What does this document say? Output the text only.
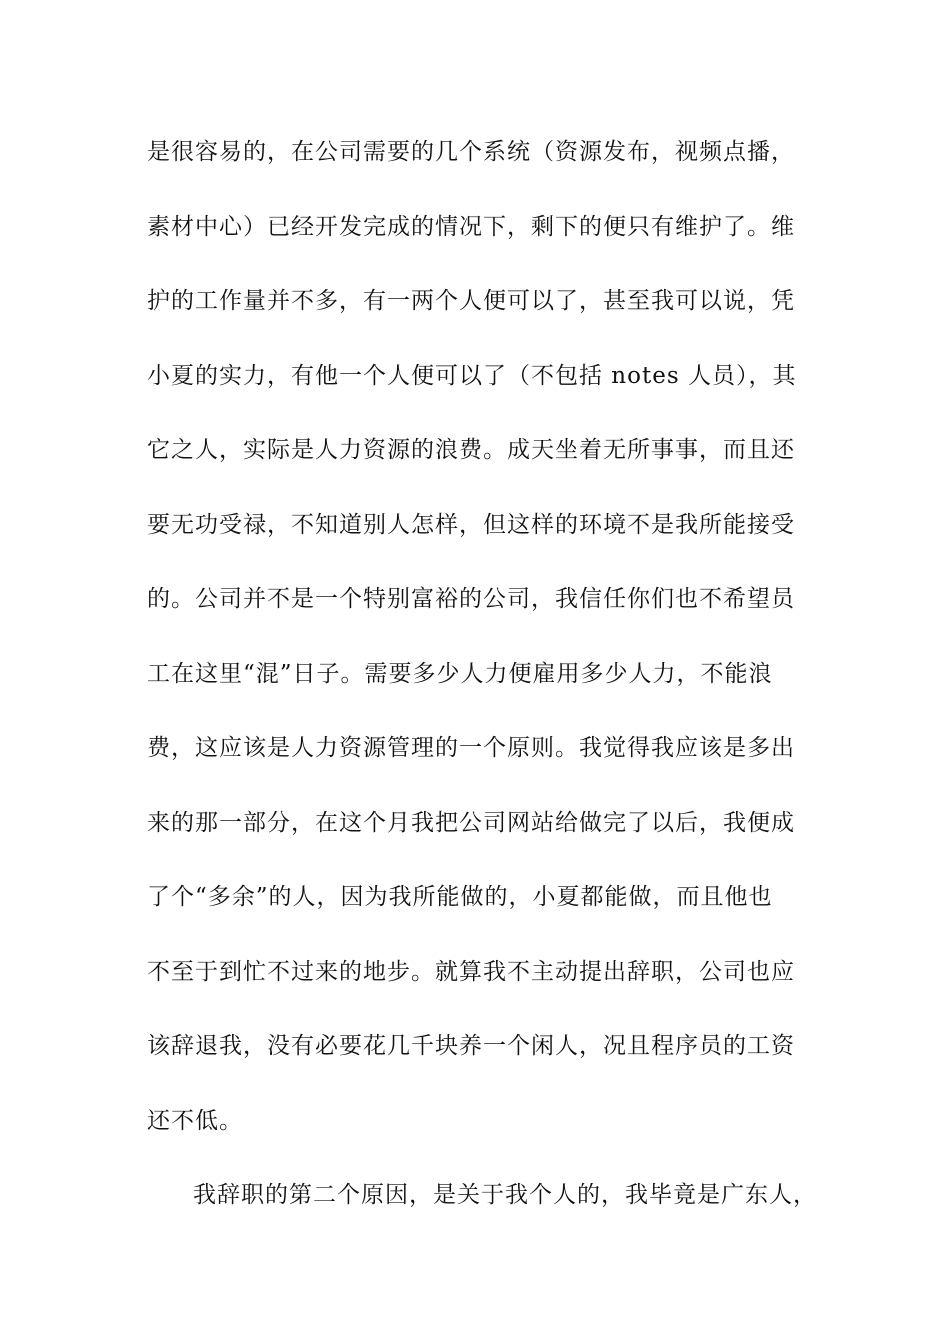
是很容易的，在公司需要的几个系统（资源发布，视频点播，
素材中心）已经开发完成的情况下，剩下的便只有维护了。维
护的工作量并不多，有一两个人便可以了，甚至我可以说，凭
小夏的实力，有他一个人便可以了（不包括 notes 人员），其
它之人，实际是人力资源的浪费。成天坐着无所事事，而且还
要无功受禄，不知道别人怎样，但这样的环境不是我所能接受
的。公司并不是一个特别富裕的公司，我信任你们也不希望员
工在这里“混”日子。需要多少人力便雇用多少人力，不能浪
费，这应该是人力资源管理的一个原则。我觉得我应该是多出
来的那一部分，在这个月我把公司网站给做完了以后，我便成
了个“多余”的人，因为我所能做的，小夏都能做，而且他也
不至于到忙不过来的地步。就算我不主动提出辞职，公司也应
该辞退我，没有必要花几千块养一个闲人，况且程序员的工资
还不低。
我辞职的第二个原因，是关于我个人的，我毕竟是广东人，
